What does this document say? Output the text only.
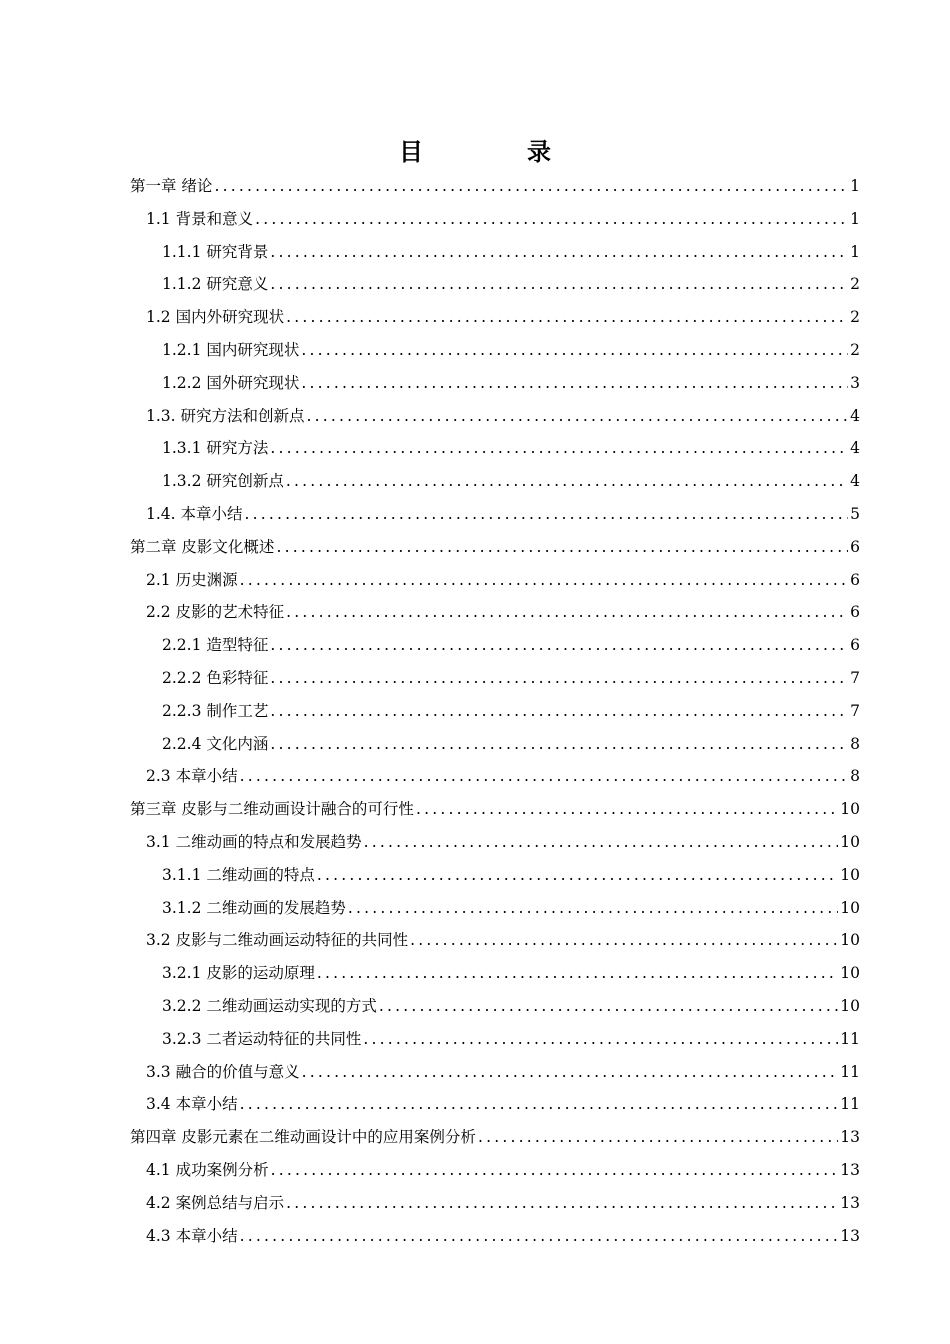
目　录
第一章 绪论 .....	1
1.1 背景和意义 .....	1
1.1.1 研究背景 .....	1
1.1.2 研究意义 .....	2
1.2 国内外研究现状 .....	2
1.2.1 国内研究现状 .....	2
1.2.2 国外研究现状 .....	3
1.3. 研究方法和创新点 .....	4
1.3.1 研究方法 .....	4
1.3.2 研究创新点 .....	4
1.4. 本章小结 .....	5
第二章 皮影文化概述 .....	6
2.1 历史渊源 .....	6
2.2 皮影的艺术特征 .....	6
2.2.1 造型特征 .....	6
2.2.2 色彩特征 .....	7
2.2.3 制作工艺 .....	7
2.2.4 文化内涵 .....	8
2.3 本章小结 .....	8
第三章 皮影与二维动画设计融合的可行性 .....	10
3.1 二维动画的特点和发展趋势 .....	10
3.1.1 二维动画的特点 .....	10
3.1.2 二维动画的发展趋势 .....	10
3.2 皮影与二维动画运动特征的共同性 .....	10
3.2.1 皮影的运动原理 .....	10
3.2.2 二维动画运动实现的方式 .....	10
3.2.3 二者运动特征的共同性 .....	11
3.3 融合的价值与意义 .....	11
3.4 本章小结 .....	11
第四章 皮影元素在二维动画设计中的应用案例分析 .....	13
4.1 成功案例分析 .....	13
4.2 案例总结与启示 .....	13
4.3 本章小结 .....	13
